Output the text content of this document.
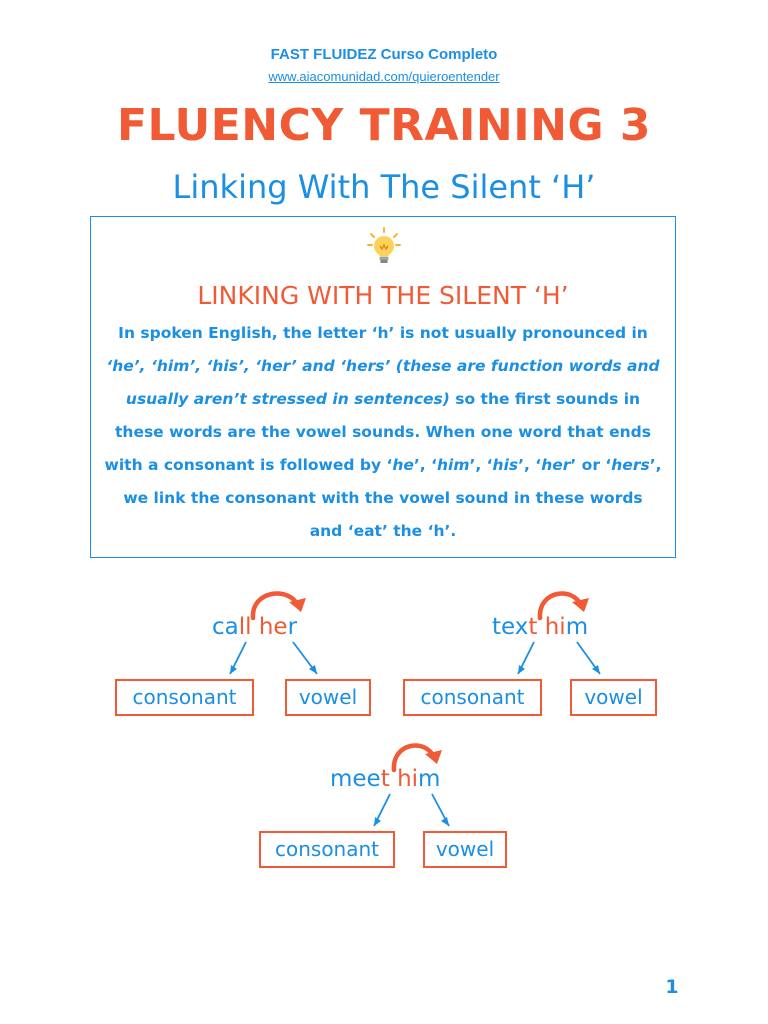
FAST FLUIDEZ Curso Completo
www.aiacomunidad.com/quieroentender
FLUENCY TRAINING 3
Linking With The Silent ‘H’
LINKING WITH THE SILENT ‘H’
In spoken English, the letter ‘h’ is not usually pronounced in
‘he’, ‘him’, ‘his’, ‘her’ and ‘hers’ (these are function words and
usually aren’t stressed in sentences) so the first sounds in
these words are the vowel sounds. When one word that ends
with a consonant is followed by ‘he’, ‘him’, ‘his’, ‘her’ or ‘hers’,
we link the consonant with the vowel sound in these words
and ‘eat’ the ‘h’.
call her
consonant	vowel
text him
consonant	vowel
meet him
consonant	vowel
1
